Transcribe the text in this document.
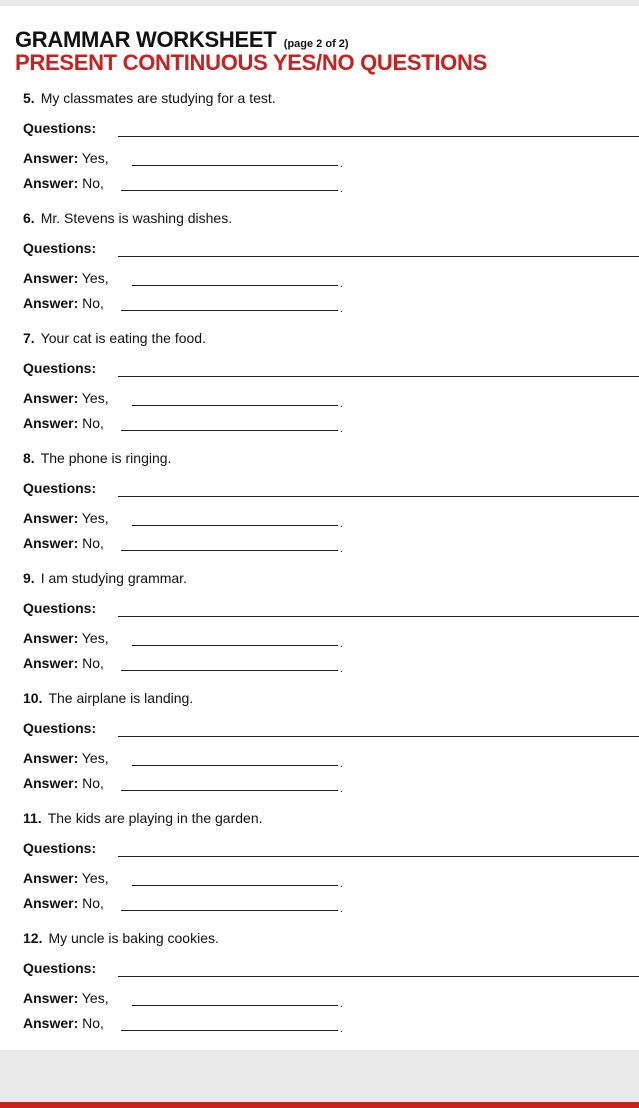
GRAMMAR WORKSHEET (page 2 of 2)
PRESENT CONTINUOUS YES/NO QUESTIONS
5. My classmates are studying for a test.
Questions:
Answer: Yes,	.
Answer: No,	.
6. Mr. Stevens is washing dishes.
Questions:
Answer: Yes,	.
Answer: No,	.
7. Your cat is eating the food.
Questions:
Answer: Yes,	.
Answer: No,	.
8. The phone is ringing.
Questions:
Answer: Yes,	.
Answer: No,	.
9. I am studying grammar.
Questions:
Answer: Yes,	.
Answer: No,	.
10. The airplane is landing.
Questions:
Answer: Yes,	.
Answer: No,	.
11. The kids are playing in the garden.
Questions:
Answer: Yes,	.
Answer: No,	.
12. My uncle is baking cookies.
Questions:
Answer: Yes,	.
Answer: No,	.
